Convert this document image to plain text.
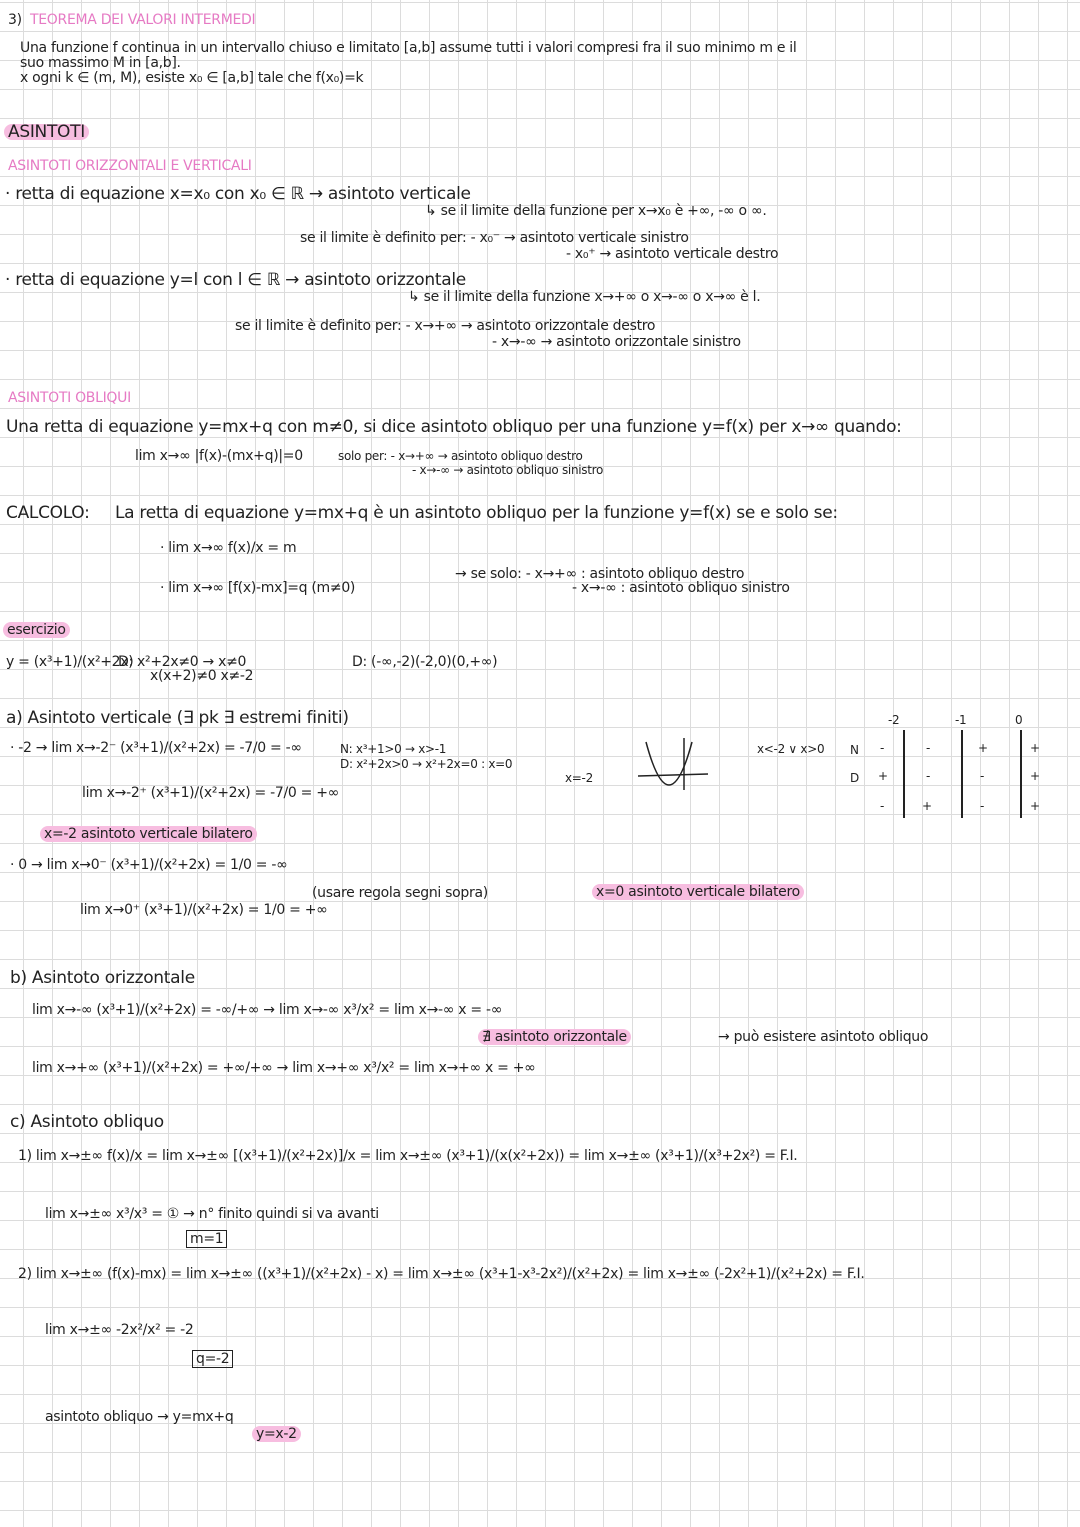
3) TEOREMA DEI VALORI INTERMEDI
Una funzione f continua in un intervallo chiuso e limitato [a,b] assume tutti i valori compresi fra il suo minimo m e il
suo massimo M in [a,b].
x ogni k ∈ (m, M), esiste x₀ ∈ [a,b] tale che f(x₀)=k
ASINTOTI
ASINTOTI ORIZZONTALI E VERTICALI
· retta di equazione x=x₀ con x₀ ∈ ℝ → asintoto verticale
↳ se il limite della funzione per x→x₀ è +∞, -∞ o ∞.
se il limite è definito per: - x₀⁻ → asintoto verticale sinistro
- x₀⁺ → asintoto verticale destro
· retta di equazione y=l con l ∈ ℝ → asintoto orizzontale
↳ se il limite della funzione x→+∞ o x→-∞ o x→∞ è l.
se il limite è definito per: - x→+∞ → asintoto orizzontale destro
- x→-∞ → asintoto orizzontale sinistro
ASINTOTI OBLIQUI
Una retta di equazione y=mx+q con m≠0, si dice asintoto obliquo per una funzione y=f(x) per x→∞ quando:
lim x→∞ |f(x)-(mx+q)|=0	solo per: - x→+∞ → asintoto obliquo destro
- x→-∞ → asintoto obliquo sinistro
CALCOLO: La retta di equazione y=mx+q è un asintoto obliquo per la funzione y=f(x) se e solo se:
· lim x→∞ f(x)/x = m
· lim x→∞ [f(x)-mx]=q (m≠0)
→ se solo: - x→+∞ : asintoto obliquo destro
- x→-∞ : asintoto obliquo sinistro
esercizio
y = (x³+1)/(x²+2x)
D: x²+2x≠0 → x≠0
x(x+2)≠0 x≠-2
D: (-∞,-2)(-2,0)(0,+∞)
a) Asintoto verticale (∃ pk ∃ estremi finiti)
· -2 → lim x→-2⁻ (x³+1)/(x²+2x) = -7/0 = -∞
lim x→-2⁺ (x³+1)/(x²+2x) = -7/0 = +∞
N: x³+1>0 → x>-1
D: x²+2x>0 → x²+2x=0 : x=0
x=-2
x<-2 ∨ x>0
-2	-1	0
N -	-	+	+
D +	-	-	+
-	+	-	+
x=-2 asintoto verticale bilatero
· 0 → lim x→0⁻ (x³+1)/(x²+2x) = 1/0 = -∞
lim x→0⁺ (x³+1)/(x²+2x) = 1/0 = +∞
(usare regola segni sopra)	x=0 asintoto verticale bilatero
b) Asintoto orizzontale
lim x→-∞ (x³+1)/(x²+2x) = -∞/+∞ → lim x→-∞ x³/x² = lim x→-∞ x = -∞
lim x→+∞ (x³+1)/(x²+2x) = +∞/+∞ → lim x→+∞ x³/x² = lim x→+∞ x = +∞
∄ asintoto orizzontale	→ può esistere asintoto obliquo
c) Asintoto obliquo
1) lim x→±∞ f(x)/x = lim x→±∞ [(x³+1)/(x²+2x)]/x = lim x→±∞ (x³+1)/(x(x²+2x)) = lim x→±∞ (x³+1)/(x³+2x²) = F.I.
lim x→±∞ x³/x³ = ① → n° finito quindi si va avanti
m=1
2) lim x→±∞ (f(x)-mx) = lim x→±∞ ((x³+1)/(x²+2x) - x) = lim x→±∞ (x³+1-x³-2x²)/(x²+2x) = lim x→±∞ (-2x²+1)/(x²+2x) = F.I.
lim x→±∞ -2x²/x² = -2
q=-2
asintoto obliquo → y=mx+q
y=x-2
